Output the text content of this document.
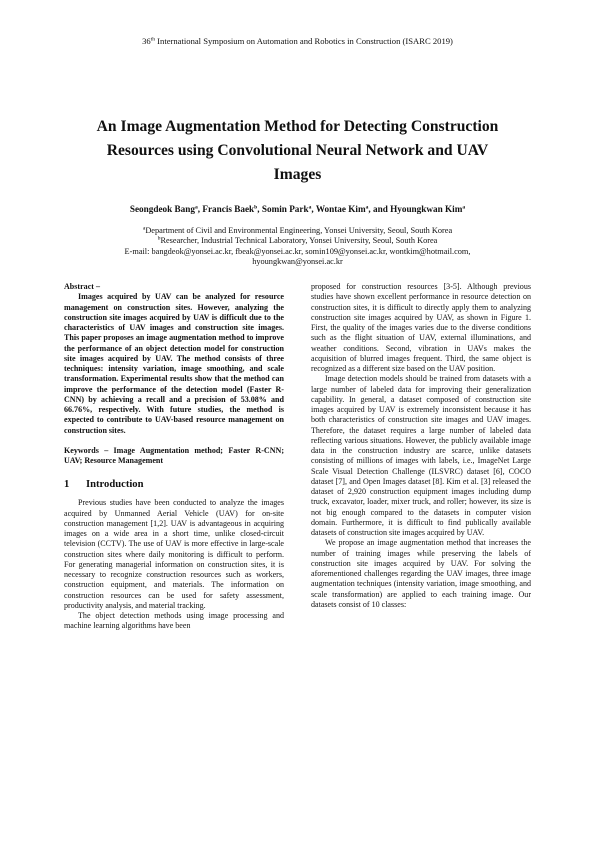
36th International Symposium on Automation and Robotics in Construction (ISARC 2019)

An Image Augmentation Method for Detecting Construction
Resources using Convolutional Neural Network and UAV
Images
Seongdeok Bang$^a$, Francis Baek$^b$, Somin Park$^a$, Wontae Kim$^a$, and Hyoungkwan Kim$^a$
$^a$Department of Civil and Environmental Engineering, Yonsei University, Seoul, South Korea
$^b$Researcher, Industrial Technical Laboratory, Yonsei University, Seoul, South Korea
E-mail: bangdeok@yonsei.ac.kr, fbeak@yonsei.ac.kr, somin109@yonsei.ac.kr, wontkim@hotmail.com,
hyoungkwan@yonsei.ac.kr

Abstract –

Images acquired by UAV can be analyzed for resource management on construction sites. However, analyzing the construction site images acquired by UAV is difficult due to the characteristics of UAV images and construction site images. This paper proposes an image augmentation method to improve the performance of an object detection model for construction site images acquired by UAV. The method consists of three techniques: intensity variation, image smoothing, and scale transformation. Experimental results show that the method can improve the performance of the detection model (Faster R-CNN) by achieving a recall and a precision of 53.08% and 66.76%, respectively. With future studies, the method is expected to contribute to UAV-based resource management on construction sites.

Keywords – Image Augmentation method; Faster R-CNN; UAV; Resource Management

1	Introduction

Previous studies have been conducted to analyze the images acquired by Unmanned Aerial Vehicle (UAV) for on-site construction management [1,2]. UAV is advantageous in acquiring images on a wide area in a short time, unlike closed-circuit television (CCTV). The use of UAV is more effective in large-scale construction sites where daily monitoring is difficult to perform. For generating managerial information on construction sites, it is necessary to recognize construction resources such as workers, construction equipment, and materials. The information on construction resources can be used for safety assessment, productivity analysis, and material tracking.

The object detection methods using image processing and machine learning algorithms have been

proposed for construction resources [3-5]. Although previous studies have shown excellent performance in resource detection on construction sites, it is difficult to directly apply them to analyzing construction site images acquired by UAV, as shown in Figure 1. First, the quality of the images varies due to the diverse conditions such as the flight situation of UAV, external illuminations, and weather conditions. Second, vibration in UAVs makes the acquisition of blurred images frequent. Third, the same object is recognized as a different size based on the UAV position.

Image detection models should be trained from datasets with a large number of labeled data for improving their generalization capability. In general, a dataset composed of construction site images acquired by UAV is extremely inconsistent because it has both characteristics of construction site images and UAV images. Therefore, the dataset requires a large number of labeled data reflecting various situations. However, the publicly available image data in the construction industry are scarce, unlike datasets consisting of millions of images with labels, i.e., ImageNet Large Scale Visual Detection Challenge (ILSVRC) dataset [6], COCO dataset [7], and Open Images dataset [8]. Kim et al. [3] released the dataset of 2,920 construction equipment images including dump truck, excavator, loader, mixer truck, and roller; however, its size is not big enough compared to the datasets in computer vision domain. Furthermore, it is difficult to find publically available datasets of construction site images acquired by UAV.

We propose an image augmentation method that increases the number of training images while preserving the labels of construction site images acquired by UAV. For solving the aforementioned challenges regarding the UAV images, three image augmentation techniques (intensity variation, image smoothing, and scale transformation) are applied to each training image. Our datasets consist of 10 classes:
